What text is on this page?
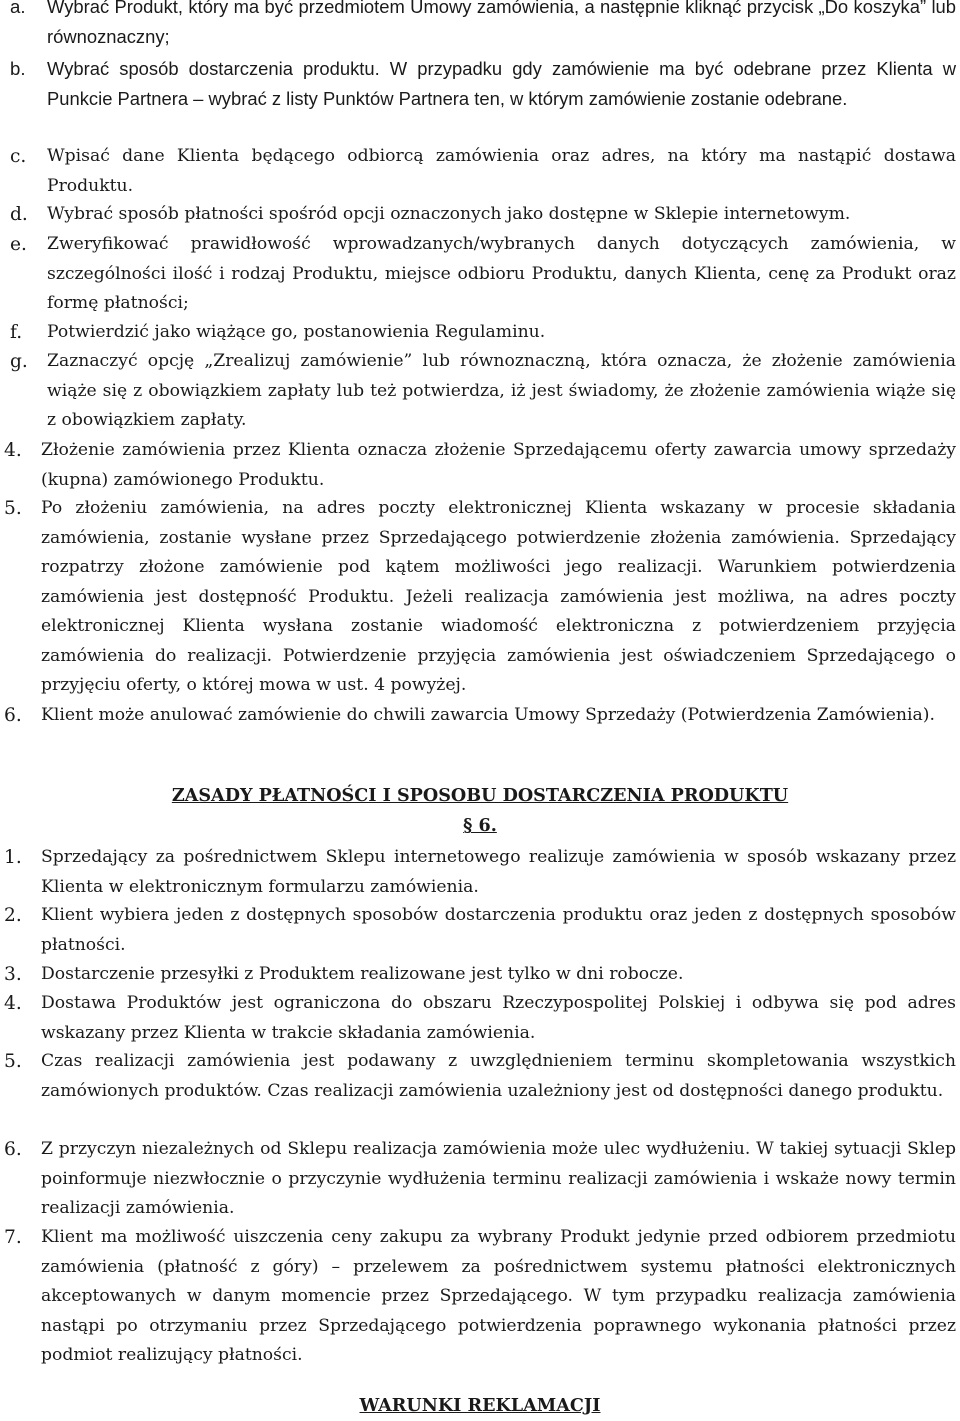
a.	Wybrać Produkt, który ma być przedmiotem Umowy zamówienia, a następnie kliknąć przycisk „Do koszyka” lub równoznaczny;
b.	Wybrać sposób dostarczenia produktu. W przypadku gdy zamówienie ma być odebrane przez Klienta w Punkcie Partnera – wybrać z listy Punktów Partnera ten, w którym zamówienie zostanie odebrane.
c.	Wpisać dane Klienta będącego odbiorcą zamówienia oraz adres, na który ma nastąpić dostawa Produktu.
d.	Wybrać sposób płatności spośród opcji oznaczonych jako dostępne w Sklepie internetowym.
e.	Zweryfikować prawidłowość wprowadzanych/wybranych danych dotyczących zamówienia, w szczególności ilość i rodzaj Produktu, miejsce odbioru Produktu, danych Klienta, cenę za Produkt oraz formę płatności;
f.	Potwierdzić jako wiążące go, postanowienia Regulaminu.
g.	Zaznaczyć opcję „Zrealizuj zamówienie” lub równoznaczną, która oznacza, że złożenie zamówienia wiąże się z obowiązkiem zapłaty lub też potwierdza, iż jest świadomy, że złożenie zamówienia wiąże się z obowiązkiem zapłaty.
4.	Złożenie zamówienia przez Klienta oznacza złożenie Sprzedającemu oferty zawarcia umowy sprzedaży (kupna) zamówionego Produktu.
5.	Po złożeniu zamówienia, na adres poczty elektronicznej Klienta wskazany w procesie składania zamówienia, zostanie wysłane przez Sprzedającego potwierdzenie złożenia zamówienia. Sprzedający rozpatrzy złożone zamówienie pod kątem możliwości jego realizacji. Warunkiem potwierdzenia zamówienia jest dostępność Produktu. Jeżeli realizacja zamówienia jest możliwa, na adres poczty elektronicznej Klienta wysłana zostanie wiadomość elektroniczna z potwierdzeniem przyjęcia zamówienia do realizacji. Potwierdzenie przyjęcia zamówienia jest oświadczeniem Sprzedającego o przyjęciu oferty, o której mowa w ust. 4 powyżej.
6.	Klient może anulować zamówienie do chwili zawarcia Umowy Sprzedaży (Potwierdzenia Zamówienia).
ZASADY PŁATNOŚCI I SPOSOBU DOSTARCZENIA PRODUKTU
§ 6.
1.	Sprzedający za pośrednictwem Sklepu internetowego realizuje zamówienia w sposób wskazany przez Klienta w elektronicznym formularzu zamówienia.
2.	Klient wybiera jeden z dostępnych sposobów dostarczenia produktu oraz jeden z dostępnych sposobów płatności.
3.	Dostarczenie przesyłki z Produktem realizowane jest tylko w dni robocze.
4.	Dostawa Produktów jest ograniczona do obszaru Rzeczypospolitej Polskiej i odbywa się pod adres wskazany przez Klienta w trakcie składania zamówienia.
5.	Czas realizacji zamówienia jest podawany z uwzględnieniem terminu skompletowania wszystkich zamówionych produktów. Czas realizacji zamówienia uzależniony jest od dostępności danego produktu.
6.	Z przyczyn niezależnych od Sklepu realizacja zamówienia może ulec wydłużeniu. W takiej sytuacji Sklep poinformuje niezwłocznie o przyczynie wydłużenia terminu realizacji zamówienia i wskaże nowy termin realizacji zamówienia.
7.	Klient ma możliwość uiszczenia ceny zakupu za wybrany Produkt jedynie przed odbiorem przedmiotu zamówienia (płatność z góry) – przelewem za pośrednictwem systemu płatności elektronicznych akceptowanych w danym momencie przez Sprzedającego. W tym przypadku realizacja zamówienia nastąpi po otrzymaniu przez Sprzedającego potwierdzenia poprawnego wykonania płatności przez podmiot realizujący płatności.
WARUNKI REKLAMACJI
